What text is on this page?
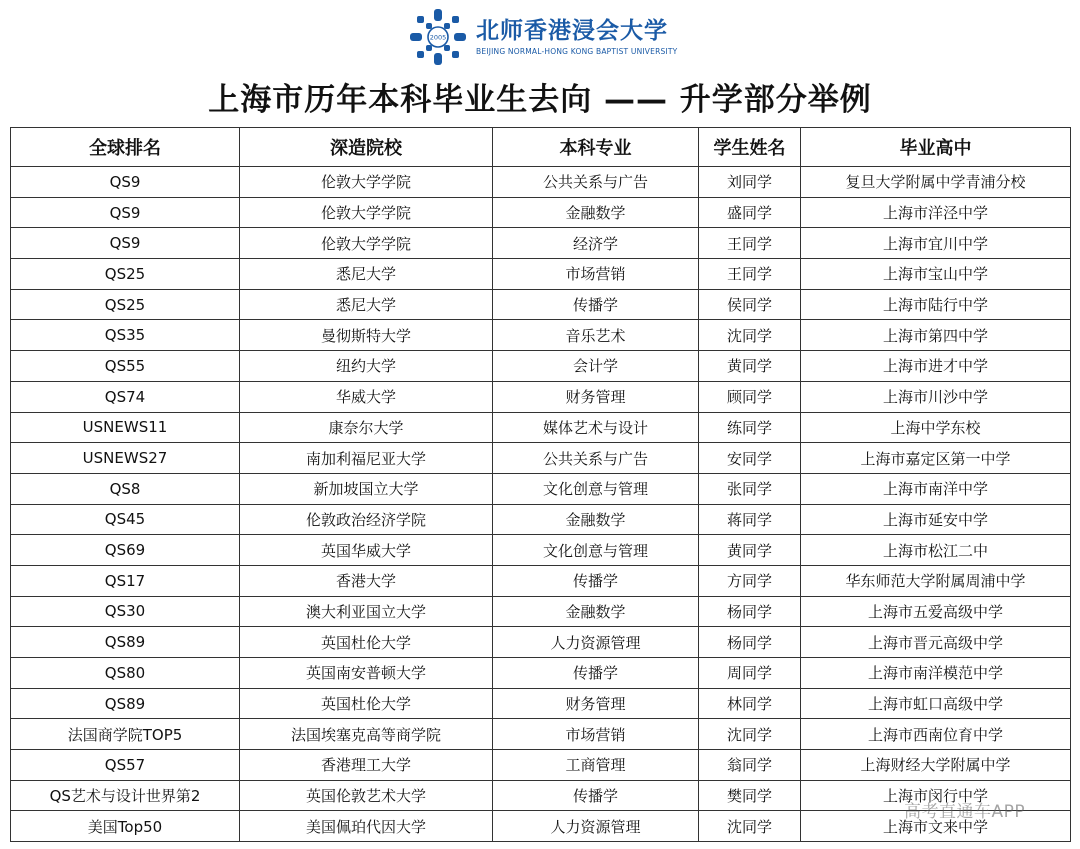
2005 北师香港浸会大学
BEIJING NORMAL-HONG KONG BAPTIST UNIVERSITY
上海市历年本科毕业生去向 —— 升学部分举例
全球排名	深造院校	本科专业	学生姓名	毕业高中
QS9	伦敦大学学院	公共关系与广告	刘同学	复旦大学附属中学青浦分校
QS9	伦敦大学学院	金融数学	盛同学	上海市洋泾中学
QS9	伦敦大学学院	经济学	王同学	上海市宜川中学
QS25	悉尼大学	市场营销	王同学	上海市宝山中学
QS25	悉尼大学	传播学	侯同学	上海市陆行中学
QS35	曼彻斯特大学	音乐艺术	沈同学	上海市第四中学
QS55	纽约大学	会计学	黄同学	上海市进才中学
QS74	华威大学	财务管理	顾同学	上海市川沙中学
USNEWS11	康奈尔大学	媒体艺术与设计	练同学	上海中学东校
USNEWS27	南加利福尼亚大学	公共关系与广告	安同学	上海市嘉定区第一中学
QS8	新加坡国立大学	文化创意与管理	张同学	上海市南洋中学
QS45	伦敦政治经济学院	金融数学	蒋同学	上海市延安中学
QS69	英国华威大学	文化创意与管理	黄同学	上海市松江二中
QS17	香港大学	传播学	方同学	华东师范大学附属周浦中学
QS30	澳大利亚国立大学	金融数学	杨同学	上海市五爱高级中学
QS89	英国杜伦大学	人力资源管理	杨同学	上海市晋元高级中学
QS80	英国南安普顿大学	传播学	周同学	上海市南洋模范中学
QS89	英国杜伦大学	财务管理	林同学	上海市虹口高级中学
法国商学院TOP5	法国埃塞克高等商学院	市场营销	沈同学	上海市西南位育中学
QS57	香港理工大学	工商管理	翁同学	上海财经大学附属中学
QS艺术与设计世界第2	英国伦敦艺术大学	传播学	樊同学	上海市闵行中学
美国Top50	美国佩珀代因大学	人力资源管理	沈同学	上海市文来中学
高考直通车APP
